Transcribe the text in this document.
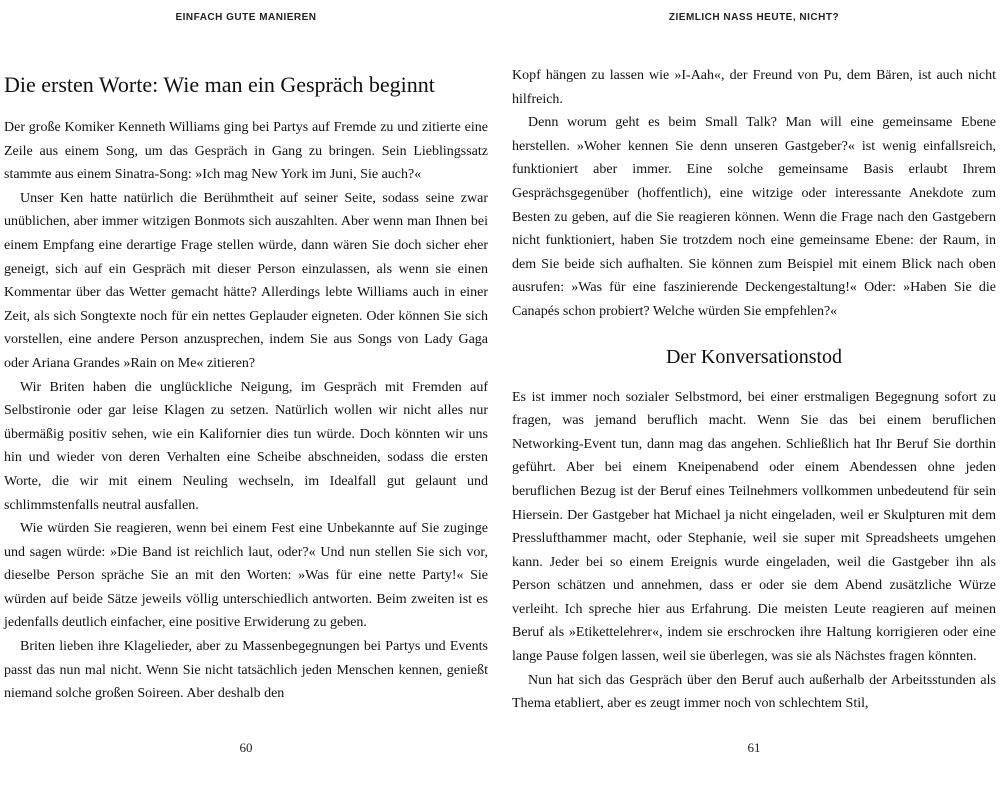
EINFACH GUTE MANIEREN
Die ersten Worte: Wie man ein Gespräch beginnt

Der große Komiker Kenneth Williams ging bei Partys auf Fremde zu und zitierte eine Zeile aus einem Song, um das Gespräch in Gang zu bringen. Sein Lieblingssatz stammte aus einem Sinatra-Song: »Ich mag New York im Juni, Sie auch?«

Unser Ken hatte natürlich die Berühmtheit auf seiner Seite, sodass seine zwar unüblichen, aber immer witzigen Bonmots sich auszahlten. Aber wenn man Ihnen bei einem Empfang eine derartige Frage stellen würde, dann wären Sie doch sicher eher geneigt, sich auf ein Gespräch mit dieser Person einzulassen, als wenn sie einen Kommentar über das Wetter gemacht hätte? Allerdings lebte Williams auch in einer Zeit, als sich Songtexte noch für ein nettes Geplauder eigneten. Oder können Sie sich vorstellen, eine andere Person anzusprechen, indem Sie aus Songs von Lady Gaga oder Ariana Grandes »Rain on Me« zitieren?

Wir Briten haben die unglückliche Neigung, im Gespräch mit Fremden auf Selbstironie oder gar leise Klagen zu setzen. Natürlich wollen wir nicht alles nur übermäßig positiv sehen, wie ein Kalifornier dies tun würde. Doch könnten wir uns hin und wieder von deren Verhalten eine Scheibe abschneiden, sodass die ersten Worte, die wir mit einem Neuling wechseln, im Idealfall gut gelaunt und schlimmstenfalls neutral ausfallen.

Wie würden Sie reagieren, wenn bei einem Fest eine Unbekannte auf Sie zuginge und sagen würde: »Die Band ist reichlich laut, oder?« Und nun stellen Sie sich vor, dieselbe Person spräche Sie an mit den Worten: »Was für eine nette Party!« Sie würden auf beide Sätze jeweils völlig unterschiedlich antworten. Beim zweiten ist es jedenfalls deutlich einfacher, eine positive Erwiderung zu geben.

Briten lieben ihre Klagelieder, aber zu Massenbegegnungen bei Partys und Events passt das nun mal nicht. Wenn Sie nicht tatsächlich jeden Menschen kennen, genießt niemand solche großen Soireen. Aber deshalb den

60
ZIEMLICH NASS HEUTE, NICHT?

Kopf hängen zu lassen wie »I-Aah«, der Freund von Pu, dem Bären, ist auch nicht hilfreich.

Denn worum geht es beim Small Talk? Man will eine gemeinsame Ebene herstellen. »Woher kennen Sie denn unseren Gastgeber?« ist wenig einfallsreich, funktioniert aber immer. Eine solche gemeinsame Basis erlaubt Ihrem Gesprächsgegenüber (hoffentlich), eine witzige oder interessante Anekdote zum Besten zu geben, auf die Sie reagieren können. Wenn die Frage nach den Gastgebern nicht funktioniert, haben Sie trotzdem noch eine gemeinsame Ebene: der Raum, in dem Sie beide sich aufhalten. Sie können zum Beispiel mit einem Blick nach oben ausrufen: »Was für eine faszinierende Deckengestaltung!« Oder: »Haben Sie die Canapés schon probiert? Welche würden Sie empfehlen?«

Der Konversationstod

Es ist immer noch sozialer Selbstmord, bei einer erstmaligen Begegnung sofort zu fragen, was jemand beruflich macht. Wenn Sie das bei einem beruflichen Networking-Event tun, dann mag das angehen. Schließlich hat Ihr Beruf Sie dorthin geführt. Aber bei einem Kneipenabend oder einem Abendessen ohne jeden beruflichen Bezug ist der Beruf eines Teilnehmers vollkommen unbedeutend für sein Hiersein. Der Gastgeber hat Michael ja nicht eingeladen, weil er Skulpturen mit dem Presslufthammer macht, oder Stephanie, weil sie super mit Spreadsheets umgehen kann. Jeder bei so einem Ereignis wurde eingeladen, weil die Gastgeber ihn als Person schätzen und annehmen, dass er oder sie dem Abend zusätzliche Würze verleiht. Ich spreche hier aus Erfahrung. Die meisten Leute reagieren auf meinen Beruf als »Etikettelehrer«, indem sie erschrocken ihre Haltung korrigieren oder eine lange Pause folgen lassen, weil sie überlegen, was sie als Nächstes fragen könnten.

Nun hat sich das Gespräch über den Beruf auch außerhalb der Arbeitsstunden als Thema etabliert, aber es zeugt immer noch von schlechtem Stil,

61
